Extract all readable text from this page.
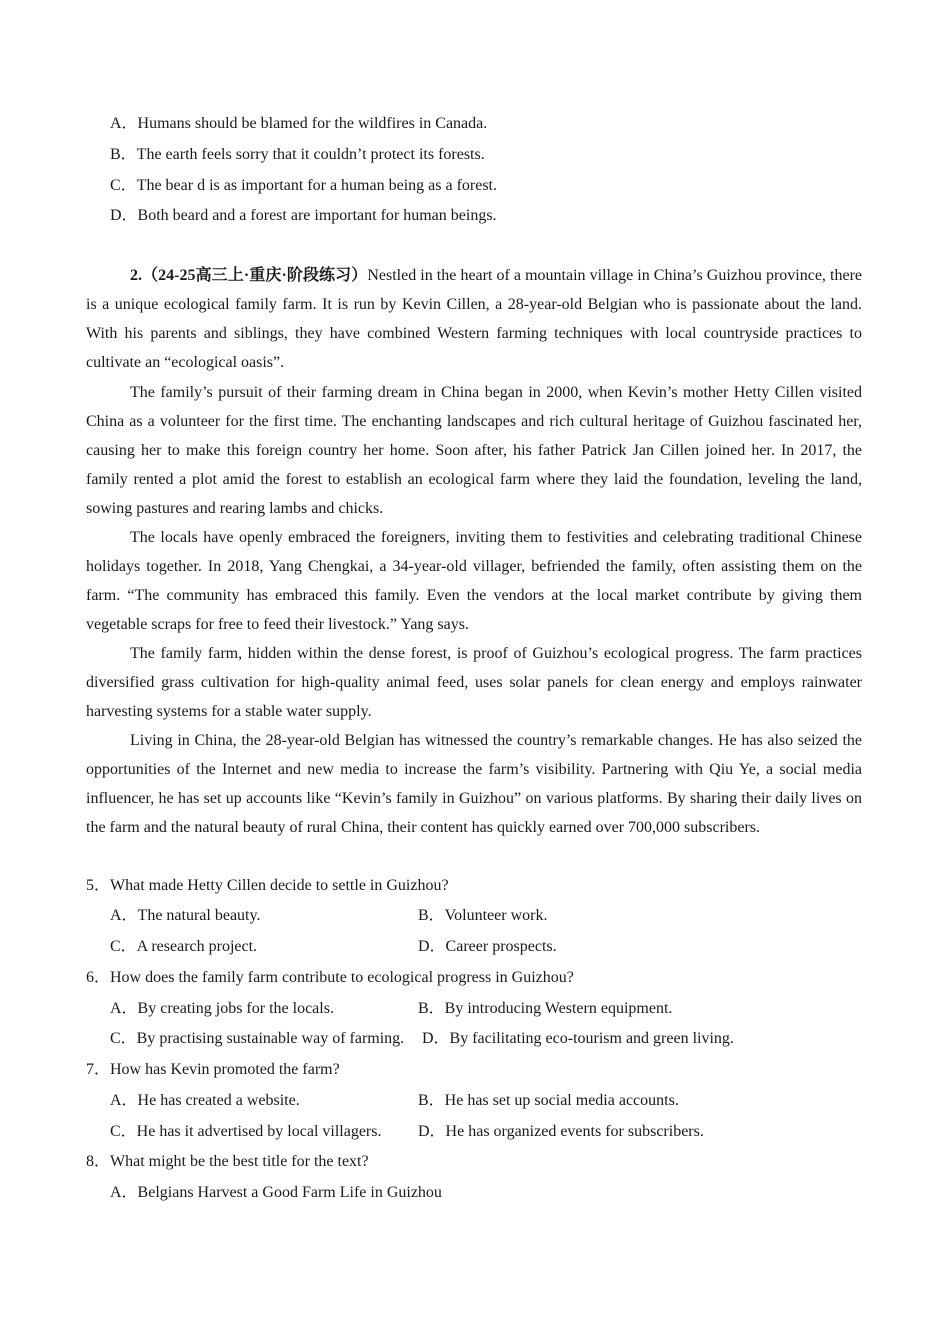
A．Humans should be blamed for the wildfires in Canada.
B．The earth feels sorry that it couldn’t protect its forests.
C．The bear d is as important for a human being as a forest.
D．Both beard and a forest are important for human beings.
2.（24-25高三上·重庆·阶段练习）Nestled in the heart of a mountain village in China’s Guizhou province, there is a unique ecological family farm. It is run by Kevin Cillen, a 28-year-old Belgian who is passionate about the land. With his parents and siblings, they have combined Western farming techniques with local countryside practices to cultivate an “ecological oasis”.
The family’s pursuit of their farming dream in China began in 2000, when Kevin’s mother Hetty Cillen visited China as a volunteer for the first time. The enchanting landscapes and rich cultural heritage of Guizhou fascinated her, causing her to make this foreign country her home. Soon after, his father Patrick Jan Cillen joined her. In 2017, the family rented a plot amid the forest to establish an ecological farm where they laid the foundation, leveling the land, sowing pastures and rearing lambs and chicks.
The locals have openly embraced the foreigners, inviting them to festivities and celebrating traditional Chinese holidays together. In 2018, Yang Chengkai, a 34-year-old villager, befriended the family, often assisting them on the farm. “The community has embraced this family. Even the vendors at the local market contribute by giving them vegetable scraps for free to feed their livestock.” Yang says.
The family farm, hidden within the dense forest, is proof of Guizhou’s ecological progress. The farm practices diversified grass cultivation for high-quality animal feed, uses solar panels for clean energy and employs rainwater harvesting systems for a stable water supply.
Living in China, the 28-year-old Belgian has witnessed the country’s remarkable changes. He has also seized the opportunities of the Internet and new media to increase the farm’s visibility. Partnering with Qiu Ye, a social media influencer, he has set up accounts like “Kevin’s family in Guizhou” on various platforms. By sharing their daily lives on the farm and the natural beauty of rural China, their content has quickly earned over 700,000 subscribers.
5．What made Hetty Cillen decide to settle in Guizhou?
A．The natural beauty.	B．Volunteer work.
C．A research project.	D．Career prospects.
6．How does the family farm contribute to ecological progress in Guizhou?
A．By creating jobs for the locals.	B．By introducing Western equipment.
C．By practising sustainable way of farming. D．By facilitating eco-tourism and green living.
7．How has Kevin promoted the farm?
A．He has created a website.	B．He has set up social media accounts.
C．He has it advertised by local villagers. D．He has organized events for subscribers.
8．What might be the best title for the text?
A．Belgians Harvest a Good Farm Life in Guizhou
